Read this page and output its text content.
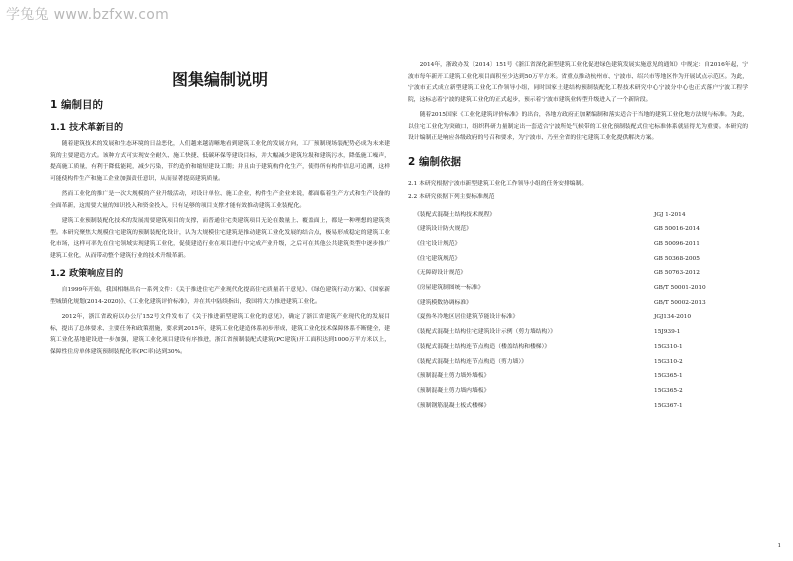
学兔兔 www.bzfxw.com
图集编制说明
1 编制目的
1.1 技术革新目的

随着建筑技术的发展和生态环境的日益恶化，人们越来越清晰地看到建筑工业化的发展方向，工厂预制现场装配势必成为未来建筑的主要建造方式。该种方式可实现安全耐久、施工快捷、低碳环保等建设目标，并大幅减少建筑垃圾和建筑污水，降低施工噪声，提高施工质量，有利于降低能耗，减少污染，节约造价和缩短建设工期；并且由于建筑构件化生产，使得所有构件信息可追溯，这样可能使构件生产和施工企业加强责任意识，从而显著提高建筑质量。

然而工业化的推广是一次大规模的产业升级活动，对设计单位、施工企业，构件生产企业来说，都面临着生产方式和生产设备的全面革新，这需要大量的知识投入和资金投入，只有足够的项目支撑才能有效推动建筑工业装配化。

建筑工业预制装配化技术的发展需要建筑项目的支撑，而普通住宅类建筑项目无论在数量上、覆盖面上，都是一种理想的建筑类型。本研究聚焦大规模住宅建筑的预制装配化设计，认为大规模住宅建筑是推动建筑工业化发展的结合点，极易形成稳定的建筑工业化市场，这样可率先在住宅领域实现建筑工业化，促使建造行业在项目进行中完成产业升级，之后可在其他公共建筑类型中逐步推广建筑工业化，从而带动整个建筑行业的技术升级革新。

1.2 政策响应目的

自1999年开始，我国相继出台一系列文件：《关于推进住宅产业现代化提高住宅质量若干意见》、《绿色建筑行动方案》、《国家新型城镇化规划(2014-2020)》、《工业化建筑评价标准》，并在其中陆续指出，我国将大力推进建筑工业化。

2012年，浙江省政府以办公厅152号文件发布了《关于推进新型建筑工业化的意见》，确定了浙江省建筑产业现代化的发展目标，提出了总体要求、主要任务和政策措施，要求到2015年，建筑工业化建造体系初步形成，建筑工业化技术保障体系不断健全，建筑工业化基地建设进一步加强，建筑工业化项目建设有序推进，浙江省预制装配式建筑(PC建筑)开工面积达到1000万平方米以上，保障性住房单体建筑预制装配化率(PC率)达到30%。

2014年，浙政办发〔2014〕151号《浙江省深化新型建筑工业化促进绿色建筑发展实施意见的通知》中规定：自2016年起，宁波市每年新开工建筑工业化项目面积至少达到50万平方米。省重点推动杭州市、宁波市、绍兴市等地区作为开展试点示范区。为此，宁波市正式成立新型建筑工业化工作领导小组，同时国家土建结构预制装配化工程技术研究中心宁波分中心也正式落户宁波工程学院，这标志着宁波的建筑工业化的正式起步，预示着宁波市建筑业转型升级进入了一个新阶段。

随着2015国家《工业化建筑评价标准》的出台，各地方政府正加紧编制和落实适合于当地的建筑工业化地方法规与标准。为此，以住宅工业化为突破口，组织科研力量制定出一套适合宁波所处气候带的工业化预制装配式住宅标准体系就显得尤为重要。本研究的设计编制正是响应各级政府的号召和要求，为宁波市、乃至全省的住宅建筑工业化提供解决方案。

2 编制依据

2.1 本研究根据宁波市新型建筑工业化工作领导小组的任务安排编制。

2.2 本研究依据下列主要标准规范

《装配式混凝土结构技术规程》	JGJ 1-2014
《建筑设计防火规范》	GB 50016-2014
《住宅设计规范》	GB 50096-2011
《住宅建筑规范》	GB 50368-2005
《无障碍设计规范》	GB 50763-2012
《房屋建筑制图统一标准》	GB/T 50001-2010
《建筑模数协调标准》	GB/T 50002-2013
《夏热冬冷地区居住建筑节能设计标准》	JGJ134-2010
《装配式混凝土结构住宅建筑设计示例（剪力墙结构）》	15J939-1
《装配式混凝土结构连节点构造（楼盖结构和楼梯）》	15G310-1
《装配式混凝土结构连节点构造（剪力墙）》	15G310-2
《预制混凝土剪力墙外墙板》	15G365-1
《预制混凝土剪力墙内墙板》	15G365-2
《预制钢筋混凝土板式楼梯》	15G367-1
1
